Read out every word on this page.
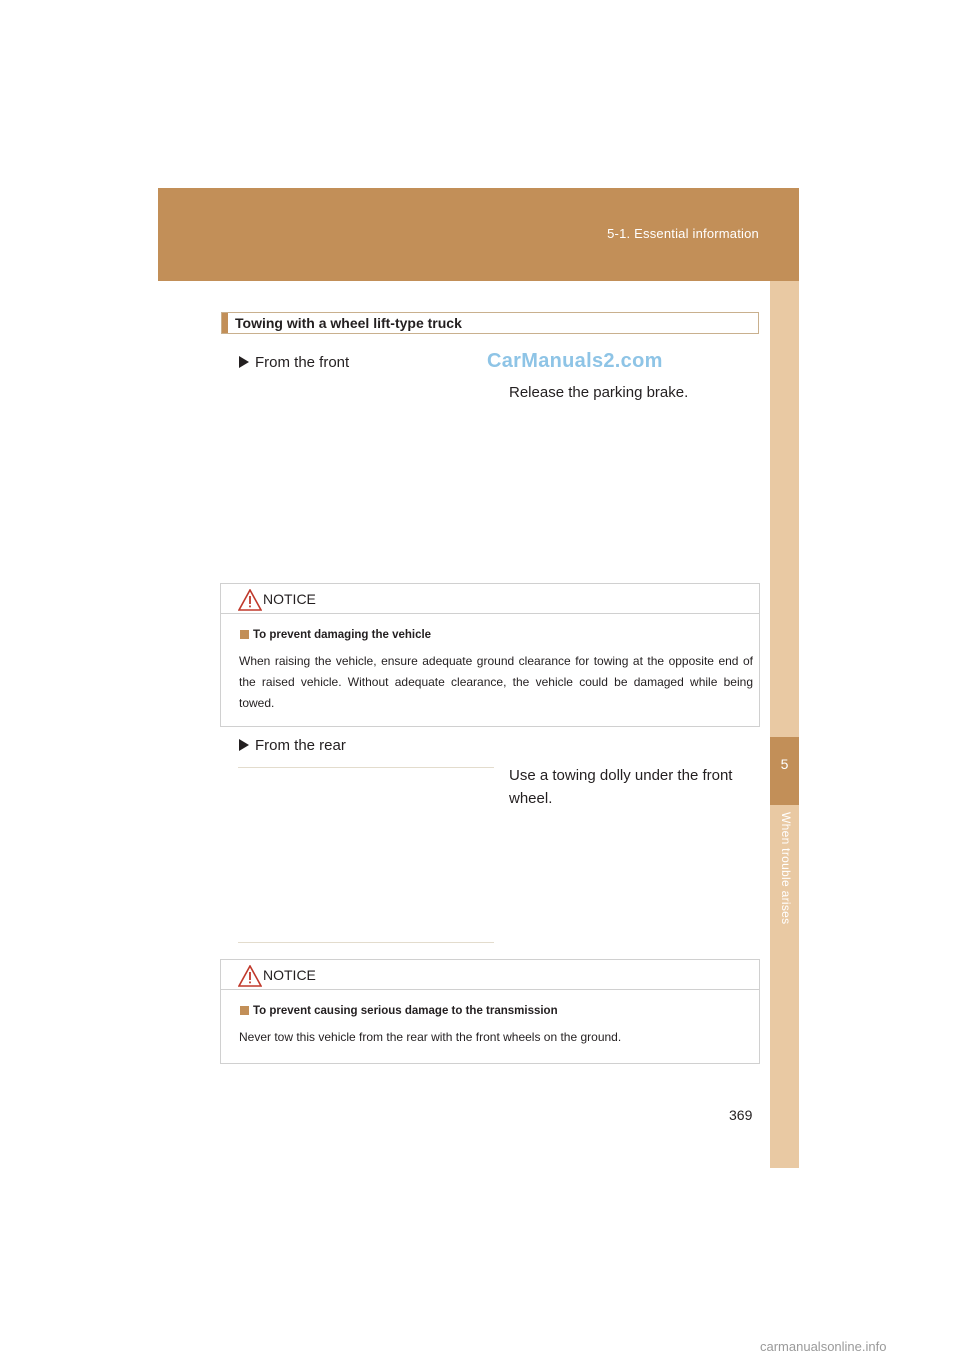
5-1. Essential information
5
When trouble arises
Towing with a wheel lift-type truck
From the front	CarManuals2.com
Release the parking brake.
NOTICE
To prevent damaging the vehicle
When raising the vehicle, ensure adequate ground clearance for towing at the opposite end of the raised vehicle. Without adequate clearance, the vehicle could be damaged while being towed.
From the rear
Use a towing dolly under the front wheel.
NOTICE
To prevent causing serious damage to the transmission
Never tow this vehicle from the rear with the front wheels on the ground.
369
carmanualsonline.info
